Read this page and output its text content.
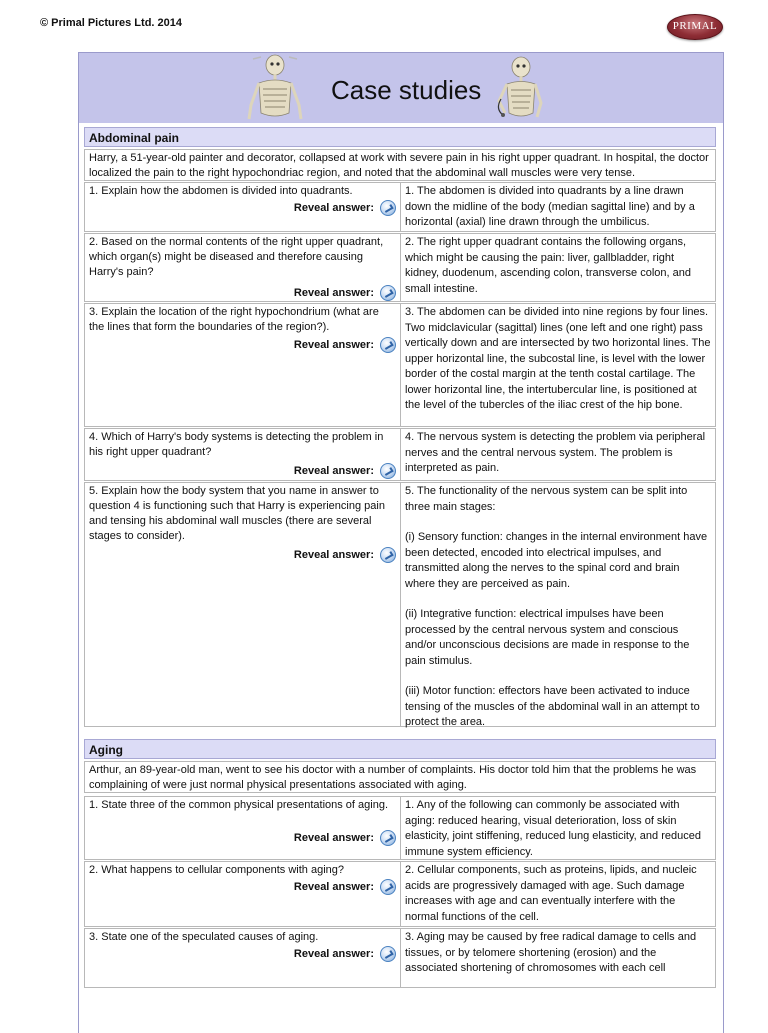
© Primal Pictures Ltd. 2014	PRIMAL
Case studies
Abdominal pain
Harry, a 51-year-old painter and decorator, collapsed at work with severe pain in his right upper quadrant. In hospital, the doctor localized the pain to the right hypochondriac region, and noted that the abdominal wall muscles were very tense.
1. Explain how the abdomen is divided into quadrants.
Reveal answer:
1. The abdomen is divided into quadrants by a line drawn down the midline of the body (median sagittal line) and by a horizontal (axial) line drawn through the umbilicus.
2. Based on the normal contents of the right upper quadrant, which organ(s) might be diseased and therefore causing Harry's pain?
Reveal answer:
2. The right upper quadrant contains the following organs, which might be causing the pain: liver, gallbladder, right kidney, duodenum, ascending colon, transverse colon, and small intestine.
3. Explain the location of the right hypochondrium (what are the lines that form the boundaries of the region?).
Reveal answer:
3. The abdomen can be divided into nine regions by four lines. Two midclavicular (sagittal) lines (one left and one right) pass vertically down and are intersected by two horizontal lines. The upper horizontal line, the subcostal line, is level with the lower border of the costal margin at the tenth costal cartilage. The lower horizontal line, the intertubercular line, is positioned at the level of the tubercles of the iliac crest of the hip bone.
4. Which of Harry's body systems is detecting the problem in his right upper quadrant?
Reveal answer:
4. The nervous system is detecting the problem via peripheral nerves and the central nervous system. The problem is interpreted as pain.
5. Explain how the body system that you name in answer to question 4 is functioning such that Harry is experiencing pain and tensing his abdominal wall muscles (there are several stages to consider).
Reveal answer:

5. The functionality of the nervous system can be split into three main stages:

(i) Sensory function: changes in the internal environment have been detected, encoded into electrical impulses, and transmitted along the nerves to the spinal cord and brain where they are perceived as pain.

(ii) Integrative function: electrical impulses have been processed by the central nervous system and conscious and/or unconscious decisions are made in response to the pain stimulus.

(iii) Motor function: effectors have been activated to induce tensing of the muscles of the abdominal wall in an attempt to protect the area.

Aging
Arthur, an 89-year-old man, went to see his doctor with a number of complaints. His doctor told him that the problems he was complaining of were just normal physical presentations associated with aging.
1. State three of the common physical presentations of aging.
Reveal answer:
1. Any of the following can commonly be associated with aging: reduced hearing, visual deterioration, loss of skin elasticity, joint stiffening, reduced lung elasticity, and reduced immune system efficiency.
2. What happens to cellular components with aging?
Reveal answer:
2. Cellular components, such as proteins, lipids, and nucleic acids are progressively damaged with age. Such damage increases with age and can eventually interfere with the normal functions of the cell.
3. State one of the speculated causes of aging.
Reveal answer:
3. Aging may be caused by free radical damage to cells and tissues, or by telomere shortening (erosion) and the associated shortening of chromosomes with each cell
